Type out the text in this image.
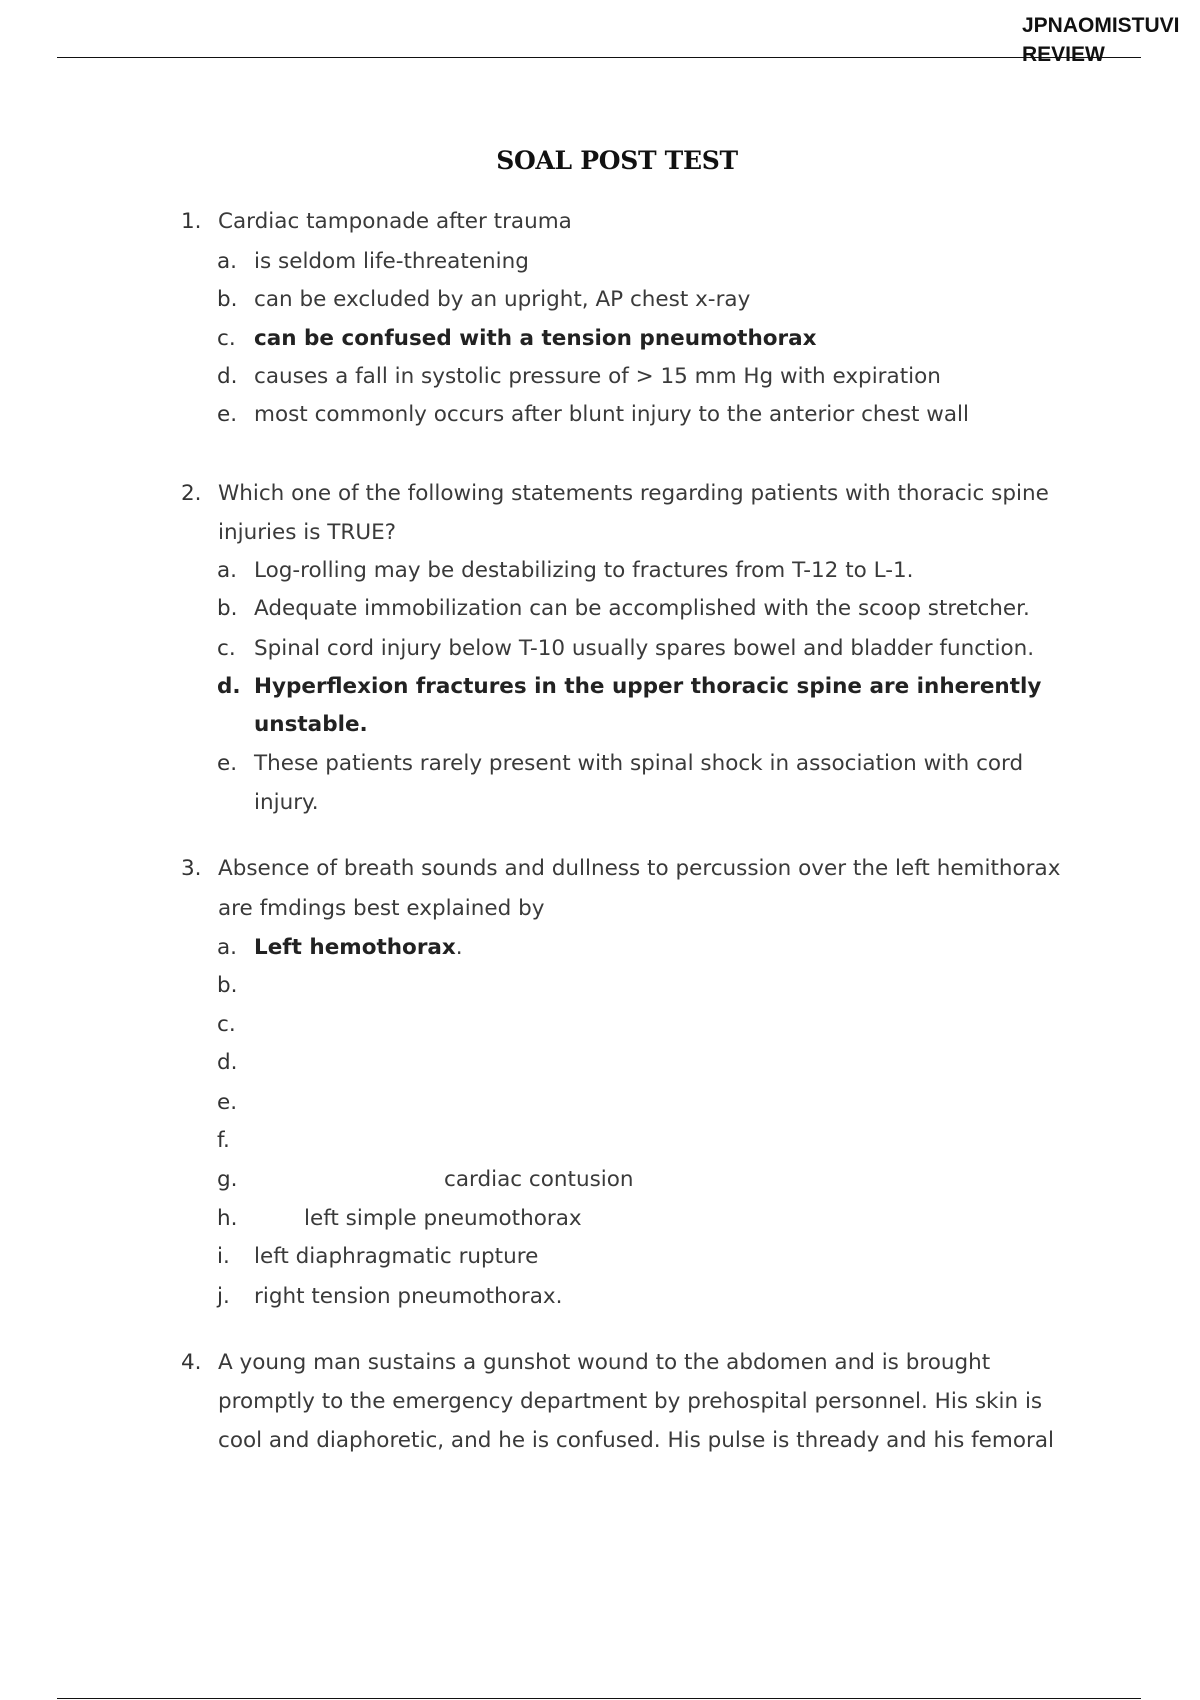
JPNAOMISTUVI
REVIEW
SOAL POST TEST
1. Cardiac tamponade after trauma
a. is seldom life-threatening
b. can be excluded by an upright, AP chest x-ray
c. can be confused with a tension pneumothorax
d. causes a fall in systolic pressure of > 15 mm Hg with expiration
e. most commonly occurs after blunt injury to the anterior chest wall
2. Which one of the following statements regarding patients with thoracic spine
injuries is TRUE?
a. Log-rolling may be destabilizing to fractures from T-12 to L-1.
b. Adequate immobilization can be accomplished with the scoop stretcher.
c. Spinal cord injury below T-10 usually spares bowel and bladder function.
d. Hyperflexion fractures in the upper thoracic spine are inherently
unstable.
e. These patients rarely present with spinal shock in association with cord
injury.
3. Absence of breath sounds and dullness to percussion over the left hemithorax
are fmdings best explained by
a. Left hemothorax.
b.
c.
d.
e.
f.
g.	cardiac contusion
h.	left simple pneumothorax
i. left diaphragmatic rupture
j. right tension pneumothorax.
4. A young man sustains a gunshot wound to the abdomen and is brought
promptly to the emergency department by prehospital personnel. His skin is
cool and diaphoretic, and he is confused. His pulse is thready and his femoral
